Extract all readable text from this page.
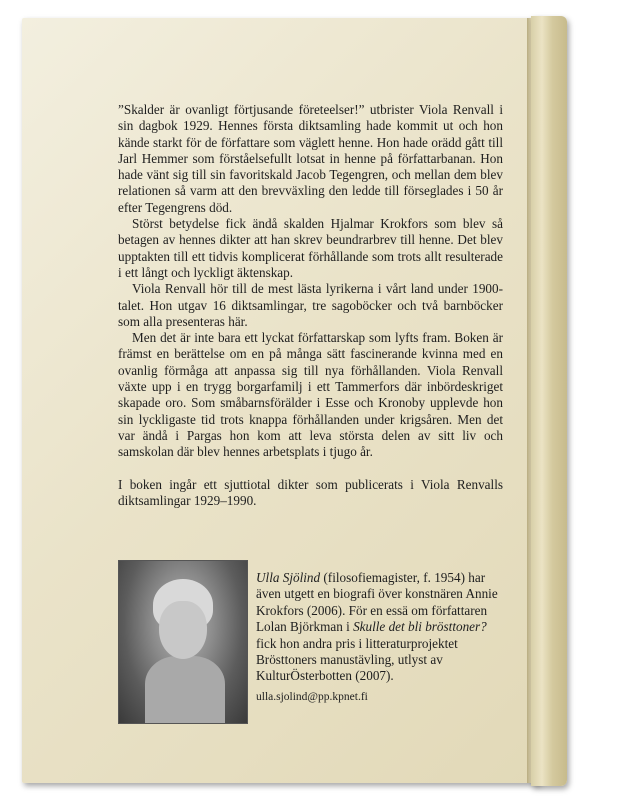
”Skalder är ovanligt förtjusande företeelser!” utbrister Viola Renvall i sin dagbok 1929. Hennes första diktsamling hade kommit ut och hon kände starkt för de författare som väglett henne. Hon hade orädd gått till Jarl Hemmer som förståelsefullt lotsat in henne på författarbanan. Hon hade vänt sig till sin favoritskald Jacob Tegengren, och mellan dem blev relationen så varm att den brevväxling den ledde till förseglades i 50 år efter Tegengrens död.

Störst betydelse fick ändå skalden Hjalmar Krokfors som blev så betagen av hennes dikter att han skrev beundrarbrev till henne. Det blev upptakten till ett tidvis komplicerat förhållande som trots allt resulterade i ett långt och lyckligt äktenskap.

Viola Renvall hör till de mest lästa lyrikerna i vårt land under 1900-talet. Hon utgav 16 diktsamlingar, tre sagoböcker och två barnböcker som alla presenteras här.

Men det är inte bara ett lyckat författarskap som lyfts fram. Boken är främst en berättelse om en på många sätt fascinerande kvinna med en ovanlig förmåga att anpassa sig till nya förhållanden. Viola Renvall växte upp i en trygg borgarfamilj i ett Tammerfors där inbördeskriget skapade oro. Som småbarnsförälder i Esse och Kronoby upplevde hon sin lyckligaste tid trots knappa förhållanden under krigsåren. Men det var ändå i Pargas hon kom att leva största delen av sitt liv och samskolan där blev hennes arbetsplats i tjugo år.

I boken ingår ett sjuttiotal dikter som publicerats i Viola Renvalls diktsamlingar 1929–1990.

Ulla Sjölind (filosofiemagister, f. 1954) har även utgett en biografi över konstnären Annie Krokfors (2006). För en essä om författaren Lolan Björkman i Skulle det bli brösttoner? fick hon andra pris i litteraturprojektet Brösttoners manustävling, utlyst av KulturÖsterbotten (2007).

ulla.sjolind@pp.kpnet.fi
